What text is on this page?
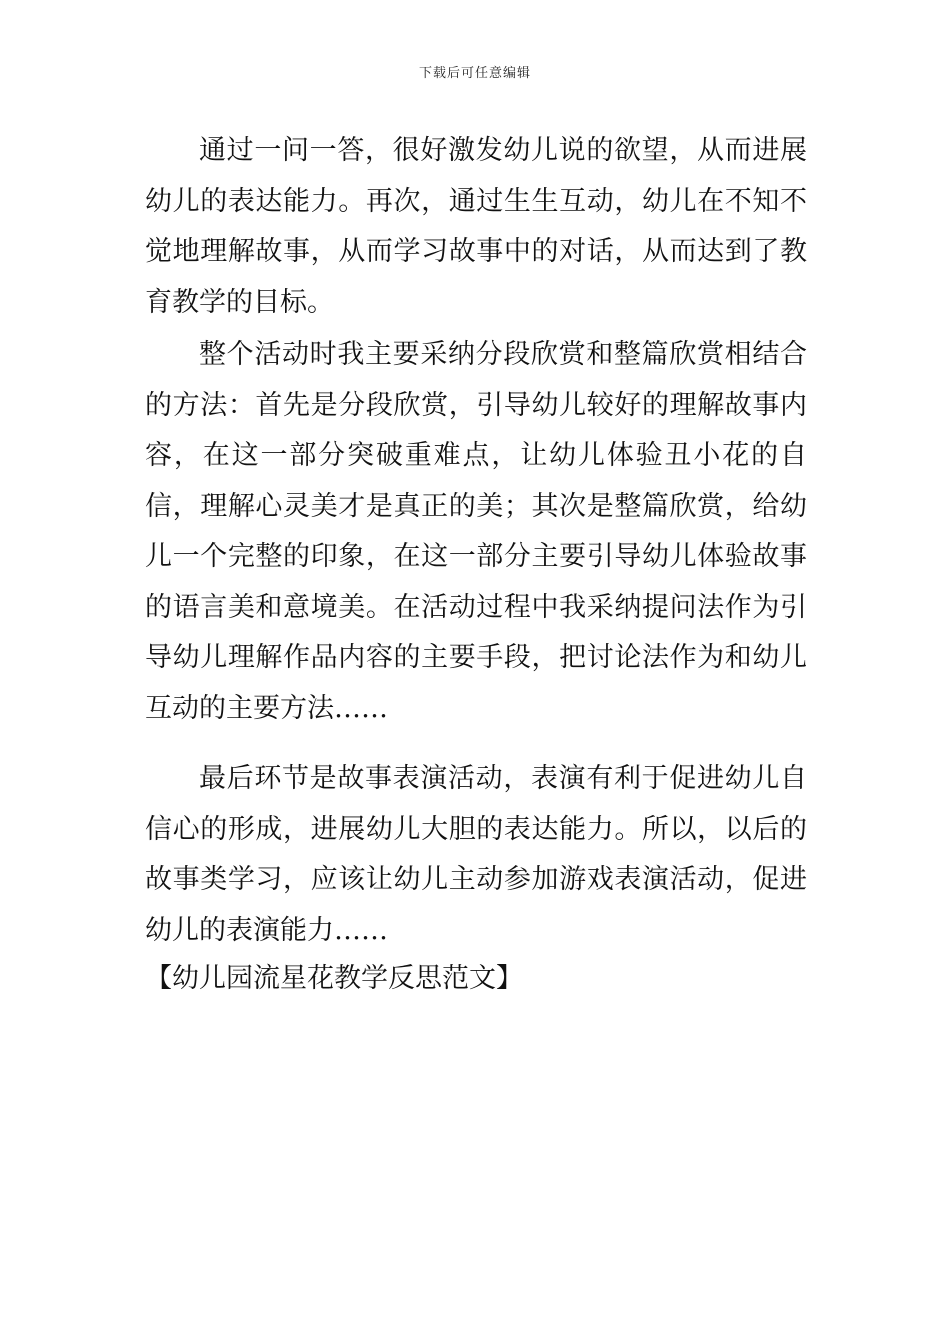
下载后可任意编辑

通过一问一答，很好激发幼儿说的欲望，从而进展幼儿的表达能力。再次，通过生生互动，幼儿在不知不觉地理解故事，从而学习故事中的对话，从而达到了教育教学的目标。

整个活动时我主要采纳分段欣赏和整篇欣赏相结合的方法：首先是分段欣赏，引导幼儿较好的理解故事内容，在这一部分突破重难点，让幼儿体验丑小花的自信，理解心灵美才是真正的美；其次是整篇欣赏，给幼儿一个完整的印象，在这一部分主要引导幼儿体验故事的语言美和意境美。在活动过程中我采纳提问法作为引导幼儿理解作品内容的主要手段，把讨论法作为和幼儿互动的主要方法……

最后环节是故事表演活动，表演有利于促进幼儿自信心的形成，进展幼儿大胆的表达能力。所以，以后的故事类学习，应该让幼儿主动参加游戏表演活动，促进幼儿的表演能力……

【幼儿园流星花教学反思范文】
